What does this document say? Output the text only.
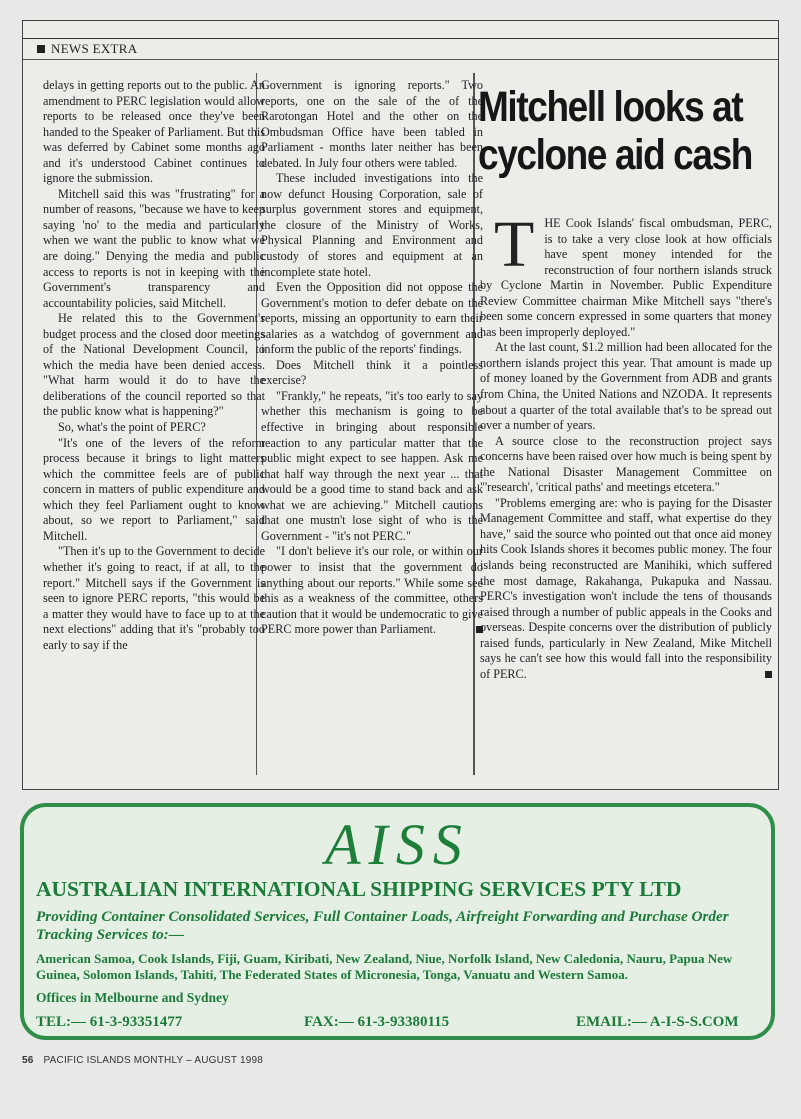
NEWS EXTRA

delays in getting reports out to the public. An amendment to PERC legislation would allow reports to be released once they've been handed to the Speaker of Parliament. But this was deferred by Cabinet some months ago and it's understood Cabinet continues to ignore the submission.

Mitchell said this was "frustrating" for a number of reasons, "because we have to keep saying 'no' to the media and particularly when we want the public to know what we are doing." Denying the media and public access to reports is not in keeping with the Government's transparency and accountability policies, said Mitchell.

He related this to the Government's budget process and the closed door meetings of the National Development Council, to which the media have been denied access. "What harm would it do to have the deliberations of the council reported so that the public know what is happening?"

So, what's the point of PERC?

"It's one of the levers of the reform process because it brings to light matters which the committee feels are of public concern in matters of public expenditure and which they feel Parliament ought to know about, so we report to Parliament," said Mitchell.

"Then it's up to the Government to decide whether it's going to react, if at all, to the report." Mitchell says if the Government is seen to ignore PERC reports, "this would be a matter they would have to face up to at the next elections" adding that it's "probably too early to say if the

Government is ignoring reports." Two reports, one on the sale of the of the Rarotongan Hotel and the other on the Ombudsman Office have been tabled in Parliament - months later neither has been debated. In July four others were tabled.

These included investigations into the now defunct Housing Corporation, sale of surplus government stores and equipment, the closure of the Ministry of Works, Physical Planning and Environment and custody of stores and equipment at an incomplete state hotel.

Even the Opposition did not oppose the Government's motion to defer debate on the reports, missing an opportunity to earn their salaries as a watchdog of government and inform the public of the reports' findings.

Does Mitchell think it a pointless exercise?

"Frankly," he repeats, "it's too early to say whether this mechanism is going to be effective in bringing about responsible reaction to any particular matter that the public might expect to see happen. Ask me that half way through the next year ... that would be a good time to stand back and ask what we are achieving." Mitchell cautions that one mustn't lose sight of who is the Government - "it's not PERC."

"I don't believe it's our role, or within our power to insist that the government do anything about our reports." While some see this as a weakness of the committee, others caution that it would be undemocratic to give PERC more power than Parliament.

Mitchell looks at
cyclone aid cash

THE Cook Islands' fiscal ombudsman, PERC, is to take a very close look at how officials have spent money intended for the reconstruction of four northern islands struck by Cyclone Martin in November. Public Expenditure Review Committee chairman Mike Mitchell says "there's been some concern expressed in some quarters that money has been improperly deployed."

At the last count, $1.2 million had been allocated for the northern islands project this year. That amount is made up of money loaned by the Government from ADB and grants from China, the United Nations and NZODA. It represents about a quarter of the total available that's to be spread out over a number of years.

A source close to the reconstruction project says concerns have been raised over how much is being spent by the National Disaster Management Committee on "'research', 'critical paths' and meetings etcetera."

"Problems emerging are: who is paying for the Disaster Management Committee and staff, what expertise do they have," said the source who pointed out that once aid money hits Cook Islands shores it becomes public money. The four islands being reconstructed are Manihiki, which suffered the most damage, Rakahanga, Pukapuka and Nassau. PERC's investigation won't include the tens of thousands raised through a number of public appeals in the Cooks and overseas. Despite concerns over the distribution of publicly raised funds, particularly in New Zealand, Mike Mitchell says he can't see how this would fall into the responsibility of PERC.

AISS
AUSTRALIAN INTERNATIONAL SHIPPING SERVICES PTY LTD
Providing Container Consolidated Services, Full Container Loads, Airfreight Forwarding and Purchase Order Tracking Services to:—
American Samoa, Cook Islands, Fiji, Guam, Kiribati, New Zealand, Niue, Norfolk Island, New Caledonia, Nauru, Papua New Guinea, Solomon Islands, Tahiti, The Federated States of Micronesia, Tonga, Vanuatu and Western Samoa.
Offices in Melbourne and Sydney
TEL:— 61-3-93351477	FAX:— 61-3-93380115	EMAIL:— A-I-S-S.COM
56 PACIFIC ISLANDS MONTHLY – AUGUST 1998
